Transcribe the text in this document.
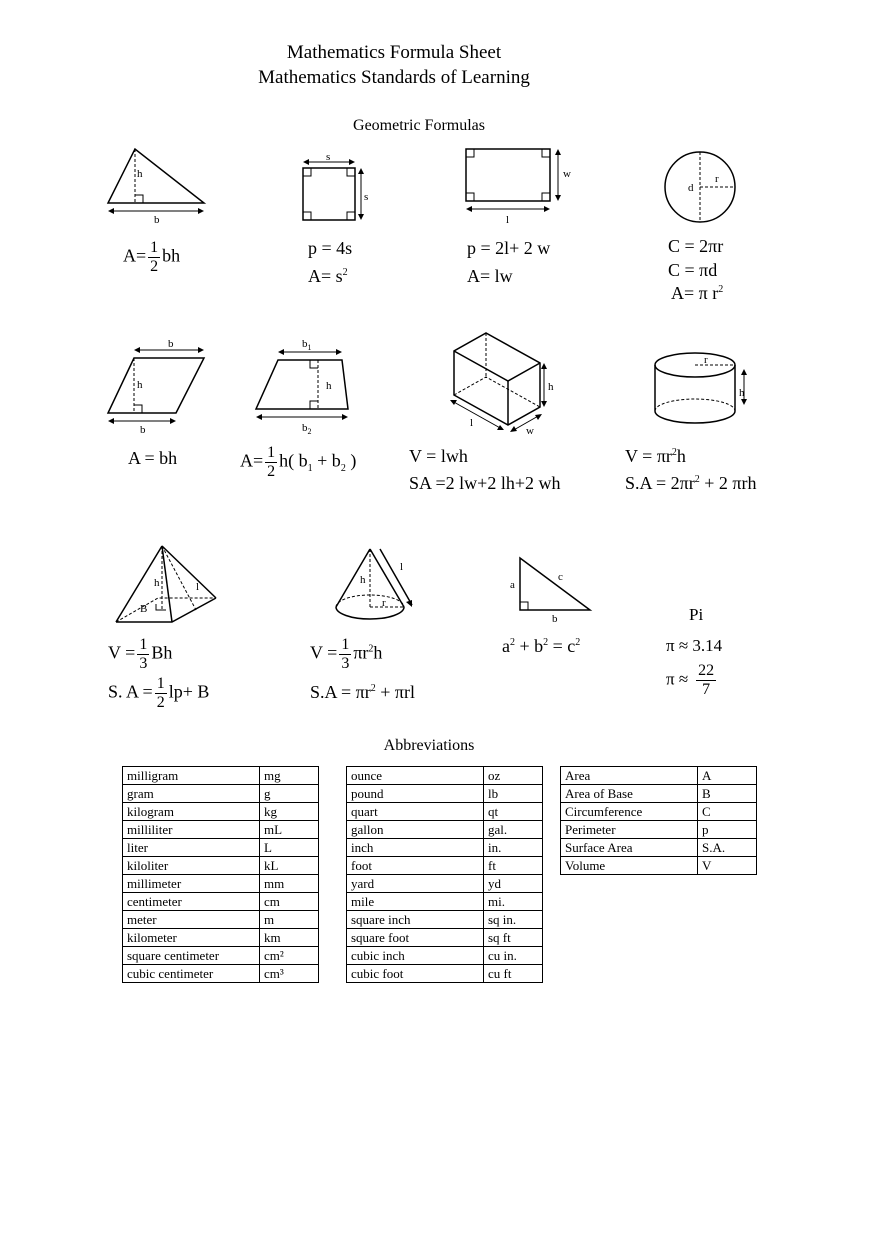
Mathematics Formula Sheet
Mathematics Standards of Learning
Geometric Formulas
h
b
s
s
w
l
r
d
$A= \frac{1}{2}$ bh	p = 4s
$A= s^2$
p = 2l+ 2 w
A= lw
C = 2πr
C = πd
A= π $r^2$
b
h
b
$b_1$
h
$b_2$
h
l
w
r
h
A = bh	$A= \frac{1}{2} h$( $b_1 + b_2$ )	V = lwh
SA =2 lw+2 lh+2 wh
$V = \pi r^2h$
$S.A = 2\pi r^2 + 2$ πrh
h	l
B
h
l
r
a
c
b
$V = \frac{1}{3}$ Bh
S. $A = \frac{1}{2} lp+ B$
$V = \frac{1}{3} \pi r^2h$
$S.A = \pi r^2 + \pi rl$
$a^2 + b^2 = c^2$
Pi
π ≈ 3.14
$\pi \approx \frac{22}{7}$
Abbreviations
milligram	mg
gram	g
kilogram	kg
milliliter	mL
liter	L
kiloliter	kL
millimeter	mm
centimeter	cm
meter	m
kilometer	km
square centimeter	cm²
cubic centimeter	cm³
ounce	oz
pound	lb
quart	qt
gallon	gal.
inch	in.
foot	ft
yard	yd
mile	mi.
square inch	sq in.
square foot	sq ft
cubic inch	cu in.
cubic foot	cu ft
Area	A
Area of Base	B
Circumference	C
Perimeter	p
Surface Area	S.A.
Volume	V
